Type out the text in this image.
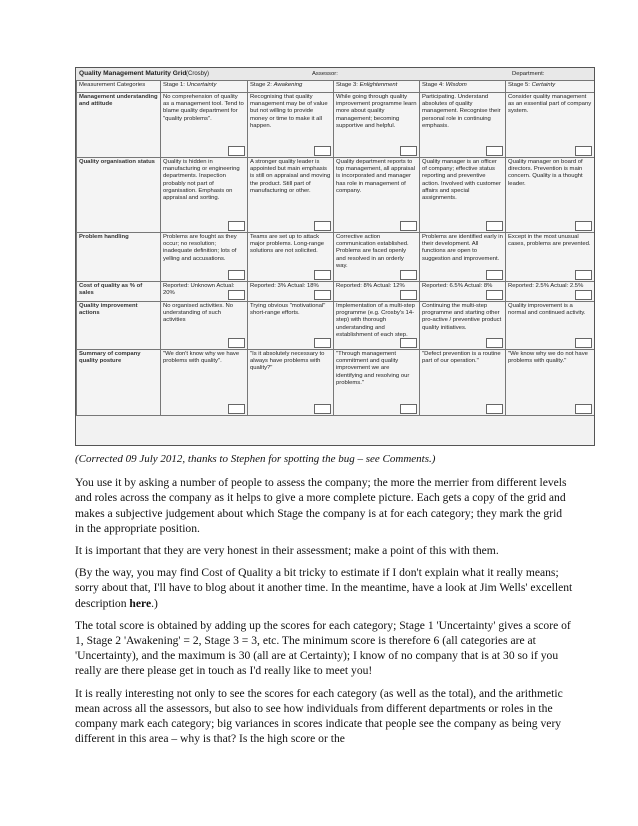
Quality Management Maturity Grid (Crosby)	Assessor:	Department:
Measurement Categories	Stage 1: Uncertainty	Stage 2: Awakening	Stage 3: Enlightenment	Stage 4: Wisdom	Stage 5: Certainty
Management understanding and attitude	No comprehension of quality as a management tool. Tend to blame quality department for "quality problems".	Recognising that quality management may be of value but not willing to provide money or time to make it all happen.	While going through quality improvement programme learn more about quality management; becoming supportive and helpful.	Participating. Understand absolutes of quality management. Recognise their personal role in continuing emphasis.	Consider quality management as an essential part of company system.

Quality organisation status	Quality is hidden in manufacturing or engineering departments. Inspection probably not part of organisation. Emphasis on appraisal and sorting.	A stronger quality leader is appointed but main emphasis is still on appraisal and moving the product. Still part of manufacturing or other.	Quality department reports to top management, all appraisal is incorporated and manager has role in management of company.	Quality manager is an officer of company; effective status reporting and preventive action. Involved with customer affairs and special assignments.	Quality manager on board of directors. Prevention is main concern. Quality is a thought leader.

Problem handling	Problems are fought as they occur; no resolution; inadequate definition; lots of yelling and accusations.	Teams are set up to attack major problems. Long-range solutions are not solicited.	Corrective action communication established. Problems are faced openly and resolved in an orderly way.	Problems are identified early in their development. All functions are open to suggestion and improvement.	Except in the most unusual cases, problems are prevented.

Cost of quality as % of sales	Reported: Unknown Actual: 20%	Reported: 3% Actual: 18%	Reported: 8% Actual: 12%	Reported: 6.5% Actual: 8%	Reported: 2.5% Actual: 2.5%

Quality improvement actions	No organised activities. No understanding of such activities	Trying obvious "motivational" short-range efforts.	Implementation of a multi-step programme (e.g. Crosby's 14-step) with thorough understanding and establishment of each step.	Continuing the multi-step programme and starting other pro-active / preventive product quality initiatives.	Quality improvement is a normal and continued activity.

Summary of company quality posture	"We don't know why we have problems with quality".	"Is it absolutely necessary to always have problems with quality?"	"Through management commitment and quality improvement we are identifying and resolving our problems."	"Defect prevention is a routine part of our operation."	"We know why we do not have problems with quality."

(Corrected 09 July 2012, thanks to Stephen for spotting the bug – see Comments.)

You use it by asking a number of people to assess the company; the more the merrier from different levels and roles across the company as it helps to give a more complete picture. Each gets a copy of the grid and makes a subjective judgement about which Stage the company is at for each category; they mark the grid in the appropriate position.

It is important that they are very honest in their assessment; make a point of this with them.

(By the way, you may find Cost of Quality a bit tricky to estimate if I don't explain what it really means; sorry about that, I'll have to blog about it another time. In the meantime, have a look at Jim Wells' excellent description here.)

The total score is obtained by adding up the scores for each category; Stage 1 'Uncertainty' gives a score of 1, Stage 2 'Awakening' = 2, Stage 3 = 3, etc. The minimum score is therefore 6 (all categories are at 'Uncertainty), and the maximum is 30 (all are at Certainty); I know of no company that is at 30 so if you really are there please get in touch as I'd really like to meet you!

It is really interesting not only to see the scores for each category (as well as the total), and the arithmetic mean across all the assessors, but also to see how individuals from different departments or roles in the company mark each category; big variances in scores indicate that people see the company as being very different in this area – why is that? Is the high score or the
